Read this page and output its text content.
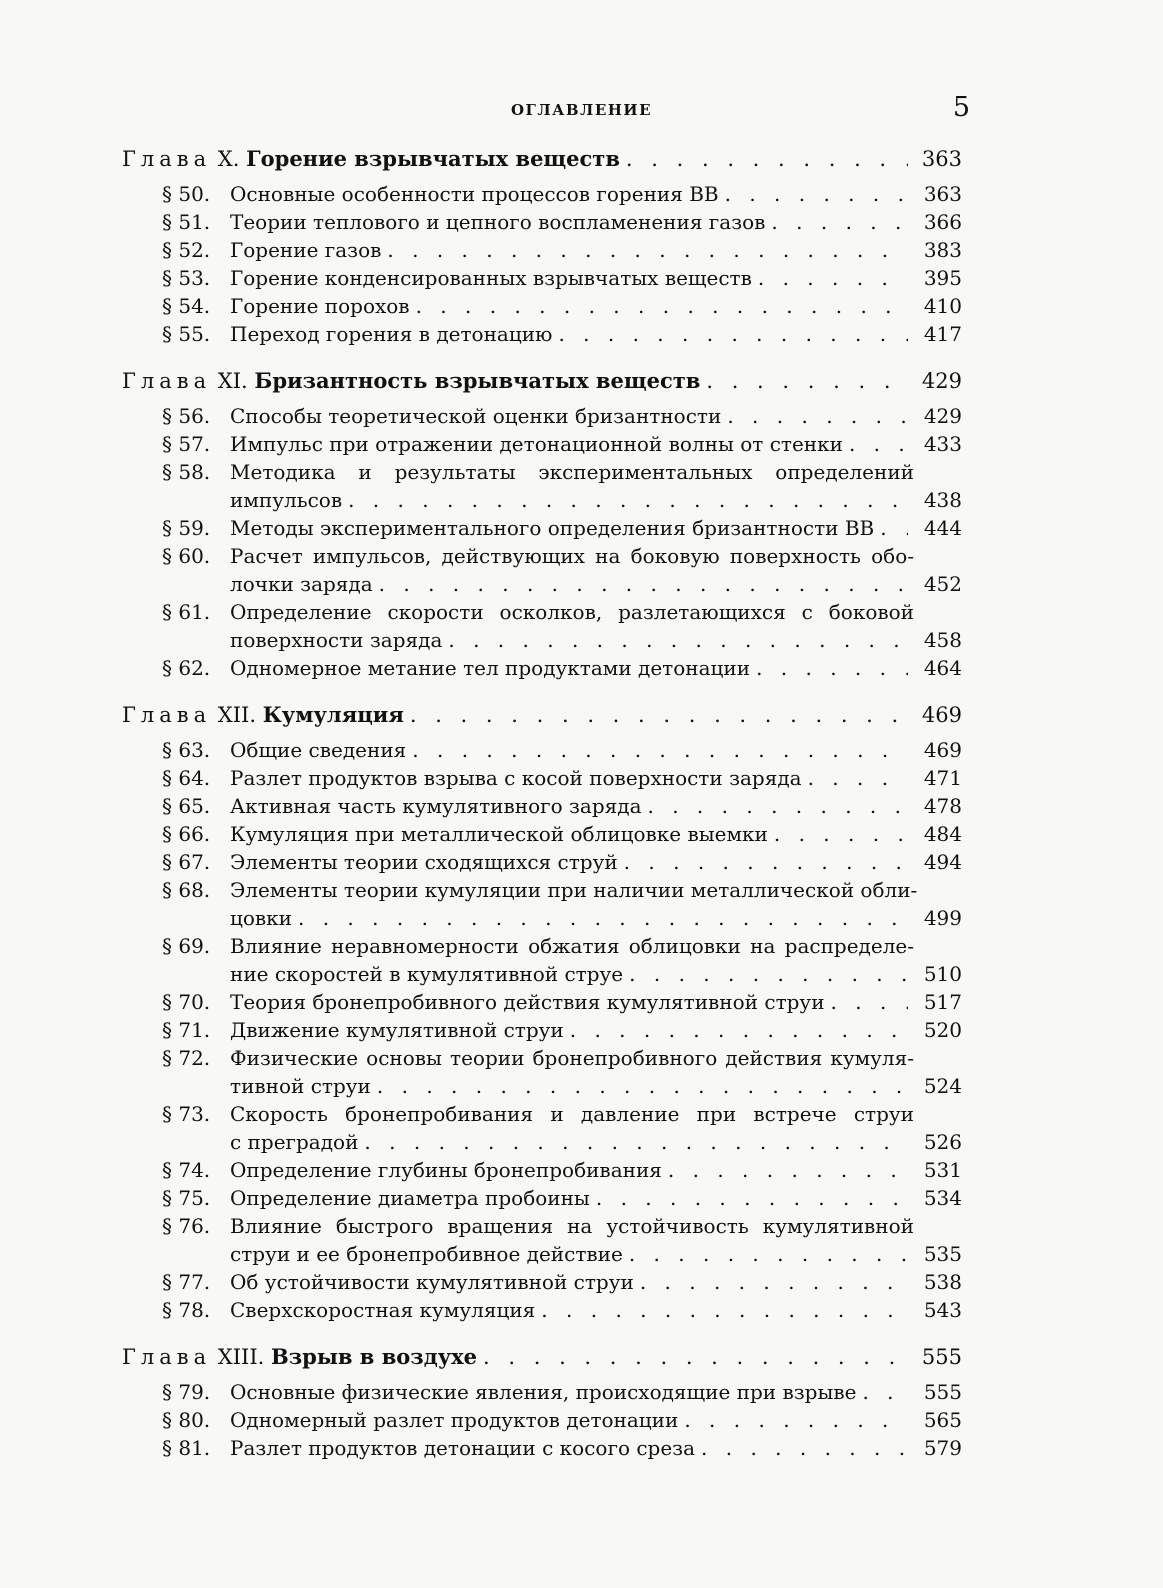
ОГЛАВЛЕНИЕ	5
Глава X. Горение взрывчатых веществ . . .	363
§ 50. Основные особенности процессов горения ВВ . . .	363
§ 51. Теории теплового и цепного воспламенения газов . . .	366
§ 52. Горение газов . . .	383
§ 53. Горение конденсированных взрывчатых веществ . . .	395
§ 54. Горение порохов . . .	410
§ 55. Переход горения в детонацию . . .	417
Глава XI. Бризантность взрывчатых веществ . . .	429
§ 56. Способы теоретической оценки бризантности . . .	429
§ 57. Импульс при отражении детонационной волны от стенки . . .	433
§ 58. Методика и результаты экспериментальных определений
импульсов . . .	438
§ 59. Методы экспериментального определения бризантности ВВ . . .	444
§ 60. Расчет импульсов, действующих на боковую поверхность обо-
лочки заряда . . .	452
§ 61. Определение скорости осколков, разлетающихся с боковой
поверхности заряда . . .	458
§ 62. Одномерное метание тел продуктами детонации . . .	464
Глава XII. Кумуляция . . .	469
§ 63. Общие сведения . . .	469
§ 64. Разлет продуктов взрыва с косой поверхности заряда . . .	471
§ 65. Активная часть кумулятивного заряда . . .	478
§ 66. Кумуляция при металлической облицовке выемки . . .	484
§ 67. Элементы теории сходящихся струй . . .	494
§ 68. Элементы теории кумуляции при наличии металлической обли-
цовки . . .	499
§ 69. Влияние неравномерности обжатия облицовки на распределе-
ние скоростей в кумулятивной струе . . .	510
§ 70. Теория бронепробивного действия кумулятивной струи . . .	517
§ 71. Движение кумулятивной струи . . .	520
§ 72. Физические основы теории бронепробивного действия кумуля-
тивной струи . . .	524
§ 73. Скорость бронепробивания и давление при встрече струи
с преградой . . .	526
§ 74. Определение глубины бронепробивания . . .	531
§ 75. Определение диаметра пробоины . . .	534
§ 76. Влияние быстрого вращения на устойчивость кумулятивной
струи и ее бронепробивное действие . . .	535
§ 77. Об устойчивости кумулятивной струи . . .	538
§ 78. Сверхскоростная кумуляция . . .	543
Глава XIII. Взрыв в воздухе . . .	555
§ 79. Основные физические явления, происходящие при взрыве . . .	555
§ 80. Одномерный разлет продуктов детонации . . .	565
§ 81. Разлет продуктов детонации с косого среза . . .	579
